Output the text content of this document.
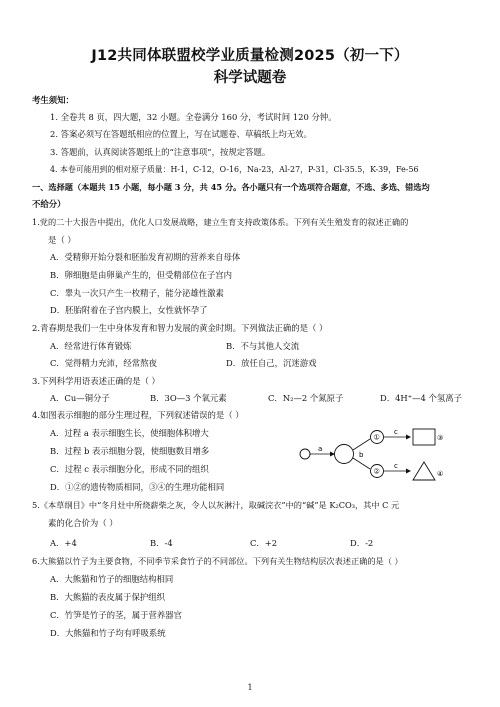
J12共同体联盟校学业质量检测2025（初一下）
科学试题卷
考生须知：
1. 全卷共 8 页，四大题，32 小题。全卷满分 160 分，考试时间 120 分钟。
2. 答案必须写在答题纸相应的位置上，写在试题卷、草稿纸上均无效。
3. 答题前，认真阅读答题纸上的“注意事项”，按规定答题。
4. 本卷可能用到的相对原子质量：H-1，C-12，O-16，Na-23，Al-27，P-31，Cl-35.5，K-39，Fe-56
一、选择题（本题共 15 小题，每小题 3 分，共 45 分。各小题只有一个选项符合题意，不选、多选、错选均
不给分）
1.党的二十大报告中提出，优化人口发展战略，建立生育支持政策体系。下列有关生殖发育的叙述正确的
是（ ）
A．受精卵开始分裂和胚胎发育初期的营养来自母体
B．卵细胞是由卵巢产生的，但受精部位在子宫内
C．睾丸一次只产生一枚精子，能分泌雄性激素
D．胚胎附着在子宫内膜上，女性就怀孕了
2.青春期是我们一生中身体发育和智力发展的黄金时期。下列做法正确的是（ ）
A．经常进行体育锻炼	B．不与其他人交流
C．觉得精力充沛，经常熬夜	D．放任自己，沉迷游戏
3.下列科学用语表述正确的是（ ）
A．Cu—铜分子	B．3O—3 个氧元素	C．N₂—2 个氮原子	D．4H⁺—4 个氢离子
4.如图表示细胞的部分生理过程，下列叙述错误的是（ ）
A．过程 a 表示细胞生长，使细胞体积增大
B．过程 b 表示细胞分裂，使细胞数目增多
C．过程 c 表示细胞分化，形成不同的组织
D．①②的遗传物质相同，③④的生理功能相同
a
b
①
②
c
c
③
④
5.《本草纲目》中“冬月灶中所烧薪柴之灰，令人以灰淋汁，取碱浣衣”中的“碱”是 K₂CO₃，其中 C 元
素的化合价为（ ）
A．+4	B．-4	C．+2	D．-2
6.大熊猫以竹子为主要食物，不同季节采食竹子的不同部位。下列有关生物结构层次表述正确的是（ ）
A．大熊猫和竹子的细胞结构相同
B．大熊猫的表皮属于保护组织
C．竹笋是竹子的茎，属于营养器官
D．大熊猫和竹子均有呼吸系统
1
